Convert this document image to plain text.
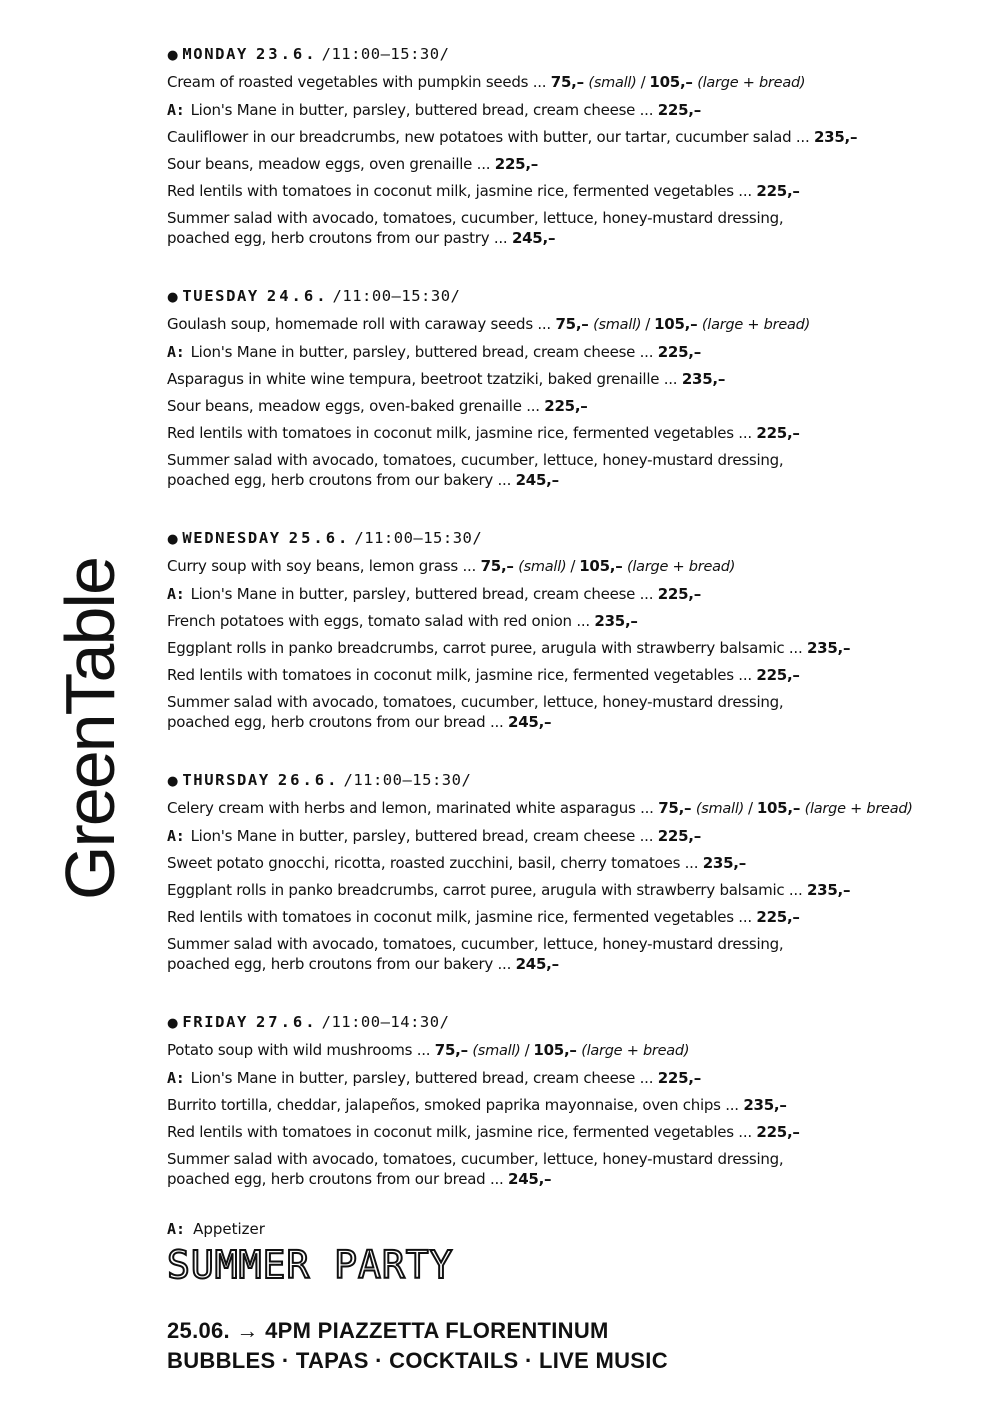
GreenTable
● MONDAY 23.6. /11:00–15:30/
Cream of roasted vegetables with pumpkin seeds ... 75,– (small) / 105,– (large + bread)
A: Lion's Mane in butter, parsley, buttered bread, cream cheese ... 225,–
Cauliflower in our breadcrumbs, new potatoes with butter, our tartar, cucumber salad ... 235,–
Sour beans, meadow eggs, oven grenaille ... 225,–
Red lentils with tomatoes in coconut milk, jasmine rice, fermented vegetables ... 225,–
Summer salad with avocado, tomatoes, cucumber, lettuce, honey-mustard dressing,
poached egg, herb croutons from our pastry ... 245,–
● TUESDAY 24.6. /11:00–15:30/
Goulash soup, homemade roll with caraway seeds ... 75,– (small) / 105,– (large + bread)
A: Lion's Mane in butter, parsley, buttered bread, cream cheese ... 225,–
Asparagus in white wine tempura, beetroot tzatziki, baked grenaille ... 235,–
Sour beans, meadow eggs, oven-baked grenaille ... 225,–
Red lentils with tomatoes in coconut milk, jasmine rice, fermented vegetables ... 225,–
Summer salad with avocado, tomatoes, cucumber, lettuce, honey-mustard dressing,
poached egg, herb croutons from our bakery ... 245,–
● WEDNESDAY 25.6. /11:00–15:30/
Curry soup with soy beans, lemon grass ... 75,– (small) / 105,– (large + bread)
A: Lion's Mane in butter, parsley, buttered bread, cream cheese ... 225,–
French potatoes with eggs, tomato salad with red onion ... 235,–
Eggplant rolls in panko breadcrumbs, carrot puree, arugula with strawberry balsamic ... 235,–
Red lentils with tomatoes in coconut milk, jasmine rice, fermented vegetables ... 225,–
Summer salad with avocado, tomatoes, cucumber, lettuce, honey-mustard dressing,
poached egg, herb croutons from our bread ... 245,–
● THURSDAY 26.6. /11:00–15:30/
Celery cream with herbs and lemon, marinated white asparagus ... 75,– (small) / 105,– (large + bread)
A: Lion's Mane in butter, parsley, buttered bread, cream cheese ... 225,–
Sweet potato gnocchi, ricotta, roasted zucchini, basil, cherry tomatoes ... 235,–
Eggplant rolls in panko breadcrumbs, carrot puree, arugula with strawberry balsamic ... 235,–
Red lentils with tomatoes in coconut milk, jasmine rice, fermented vegetables ... 225,–
Summer salad with avocado, tomatoes, cucumber, lettuce, honey-mustard dressing,
poached egg, herb croutons from our bakery ... 245,–
● FRIDAY 27.6. /11:00–14:30/
Potato soup with wild mushrooms ... 75,– (small) / 105,– (large + bread)
A: Lion's Mane in butter, parsley, buttered bread, cream cheese ... 225,–
Burrito tortilla, cheddar, jalapeños, smoked paprika mayonnaise, oven chips ... 235,–
Red lentils with tomatoes in coconut milk, jasmine rice, fermented vegetables ... 225,–
Summer salad with avocado, tomatoes, cucumber, lettuce, honey-mustard dressing,
poached egg, herb croutons from our bread ... 245,–
A: Appetizer
SUMMER PARTY
25.06. → 4PM PIAZZETTA FLORENTINUM
BUBBLES · TAPAS · COCKTAILS · LIVE MUSIC
